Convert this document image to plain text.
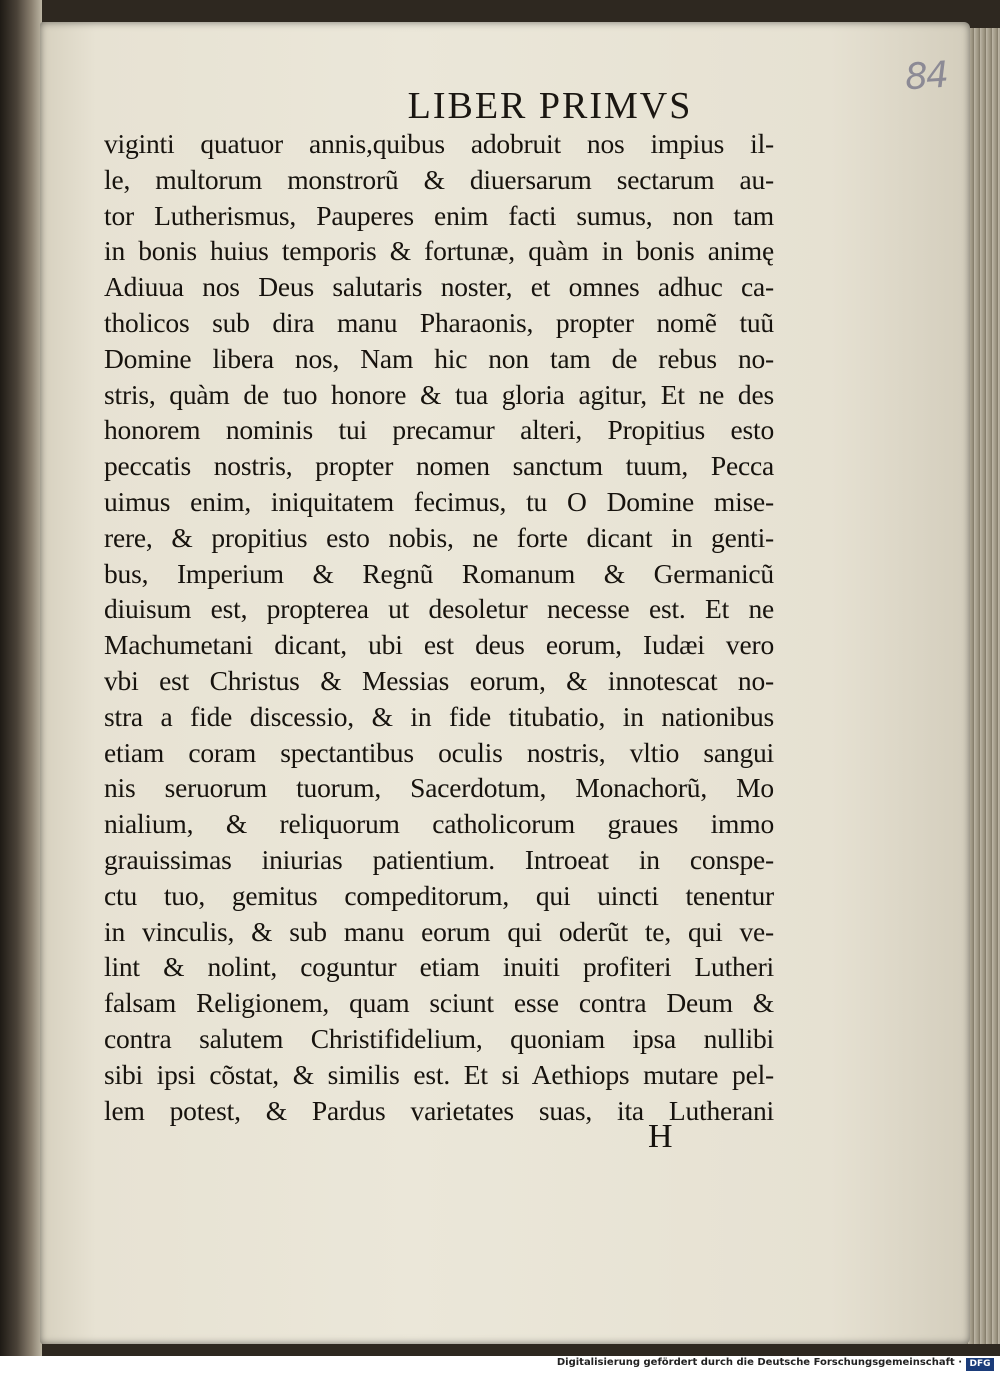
84
LIBER PRIMVS
viginti quatuor annis,quibus adobruit nos impius il-
le, multorum monstrorũ & diuersarum sectarum au-
tor Lutherismus, Pauperes enim facti sumus, non tam
in bonis huius temporis & fortunæ, quàm in bonis animę
Adiuua nos Deus salutaris noster, et omnes adhuc ca-
tholicos sub dira manu Pharaonis, propter nomẽ tuũ
Domine libera nos, Nam hic non tam de rebus no-
stris, quàm de tuo honore & tua gloria agitur, Et ne des
honorem nominis tui precamur alteri, Propitius esto
peccatis nostris, propter nomen sanctum tuum, Pecca
uimus enim, iniquitatem fecimus, tu O Domine mise-
rere, & propitius esto nobis, ne forte dicant in genti-
bus, Imperium & Regnũ Romanum & Germanicũ
diuisum est, propterea ut desoletur necesse est. Et ne
Machumetani dicant, ubi est deus eorum, Iudæi vero
vbi est Christus & Messias eorum, & innotescat no-
stra a fide discessio, & in fide titubatio, in nationibus
etiam coram spectantibus oculis nostris, vltio sangui
nis seruorum tuorum, Sacerdotum, Monachorũ, Mo
nialium, & reliquorum catholicorum graues immo
grauissimas iniurias patientium. Introeat in conspe-
ctu tuo, gemitus compeditorum, qui uincti tenentur
in vinculis, & sub manu eorum qui oderũt te, qui ve-
lint & nolint, coguntur etiam inuiti profiteri Lutheri
falsam Religionem, quam sciunt esse contra Deum &
contra salutem Christifidelium, quoniam ipsa nullibi
sibi ipsi cõstat, & similis est. Et si Aethiops mutare pel-
lem potest, & Pardus varietates suas, ita Lutherani
H
Digitalisierung gefördert durch die Deutsche Forschungsgemeinschaft · DFG
